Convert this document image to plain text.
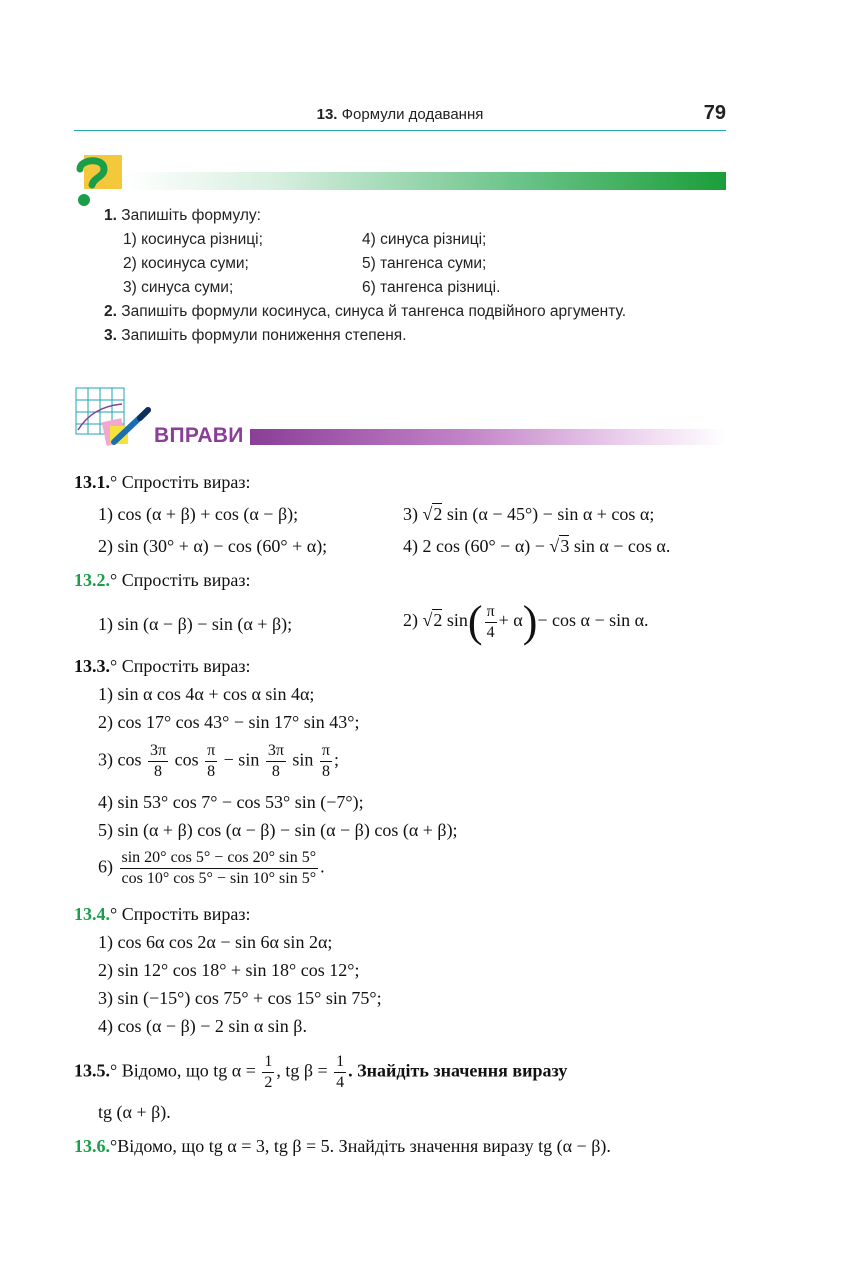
13. Формули додавання	79
1. Запишіть формулу:
1) косинуса різниці;	4) синуса різниці;
2) косинуса суми;	5) тангенса суми;
3) синуса суми;	6) тангенса різниці.
2. Запишіть формули косинуса, синуса й тангенса подвійного аргументу.
3. Запишіть формули пониження степеня.
ВПРАВИ
13.1.° Спростіть вираз:
1) cos (α + β) + cos (α − β);	3) √2 sin (α − 45°) − sin α + cos α;
2) sin (30° + α) − cos (60° + α);	4) 2 cos (60° − α) − √3 sin α − cos α.
13.2.° Спростіть вираз:
1) sin (α − β) − sin (α + β);	2) √2 $\sin( \frac{\pi}{4} + \alpha)- \cos \alpha - \sin \alpha$.
13.3.° Спростіть вираз:
1) sin α cos 4α + cos α sin 4α;
2) cos 17° cos 43° − sin 17° sin 43°;
3) $\cos \frac{3\pi}{8}$ $\cos \frac{\pi}{8} - \sin \frac{3\pi}{8}$ $\sin \frac{\pi}{8}$ ;
4) sin 53° cos 7° − cos 53° sin (−7°);
5) sin (α + β) cos (α − β) − sin (α − β) cos (α + β);
$6) \frac{\sin 20^\circ \cos 5^\circ - \cos 20^\circ \sin 5^\circ}{\cos 10^\circ \cos 5^\circ - \sin 10^\circ \sin 5^\circ}$ .
13.4.° Спростіть вираз:
1) cos 6α cos 2α − sin 6α sin 2α;
2) sin 12° cos 18° + sin 18° cos 12°;
3) sin (−15°) cos 75° + cos 15° sin 75°;
4) cos (α − β) − 2 sin α sin β.
13.5.° Відомо, що tg $\alpha = \frac{1}{2}$ , tg $\beta = \frac{1}{4}$ . Знайдіть значення виразу
tg (α + β).
13.6.°Відомо, що tg α = 3, tg β = 5. Знайдіть значення виразу tg (α − β).
